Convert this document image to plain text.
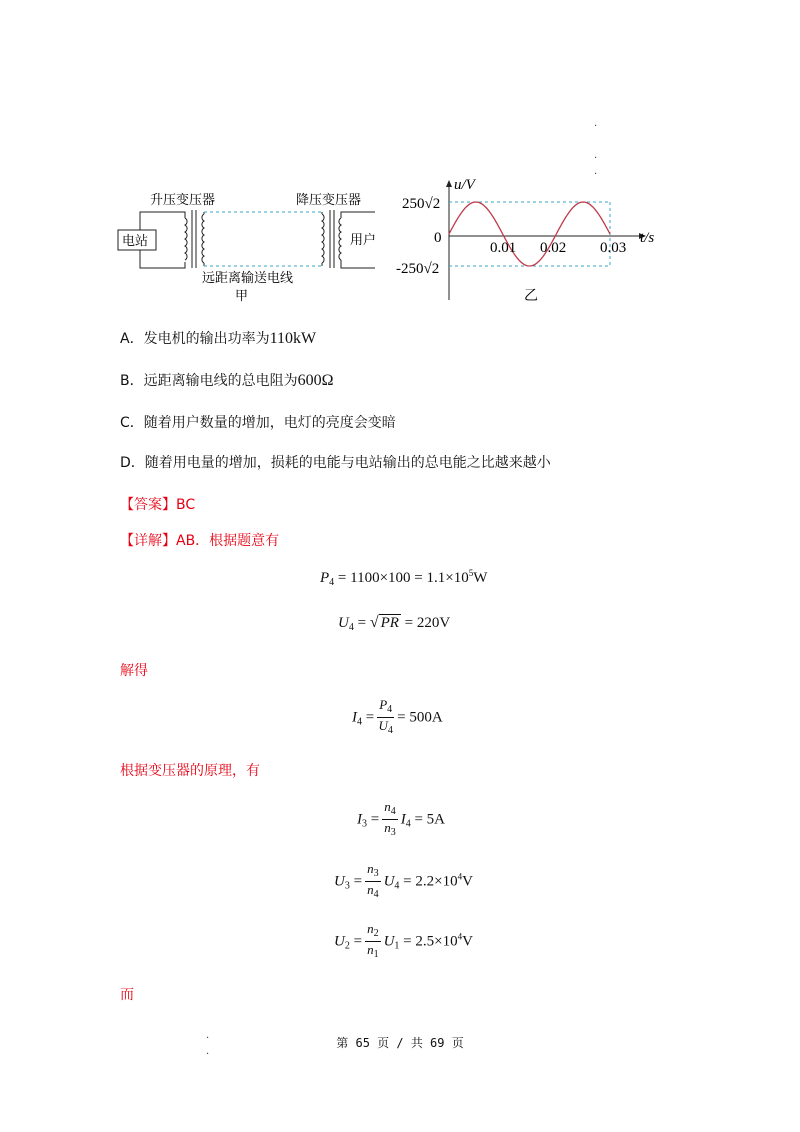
.
.
.
.
.
升压变压器	降压变压器
电站	用户
远距离输送电线
甲
u/V
250√2
0
-250√2
0.01 0.02 0.03
t/s
乙
A．发电机的输出功率为110kW
B．远距离输电线的总电阻为600Ω
C．随着用户数量的增加，电灯的亮度会变暗
D．随着用电量的增加，损耗的电能与电站输出的总电能之比越来越小
【答案】BC
【详解】AB．根据题意有
$P_4 = 1100\times 100 = 1.1\times 10^5W$
$U_4$ = √ PR = 220V
解得
$I_4 = \frac{P_4}{U_4} = 500A$
根据变压器的原理，有
$I_3 = \frac{n_4}{n_3} I_4 = 5A$
$U_3 = \frac{n_3}{n_4} U_4 = 2.2\times 10^4V$
$U_2 = \frac{n_2}{n_1} U_1 = 2.5\times 10^4V$
而
第 65 页 / 共 69 页
